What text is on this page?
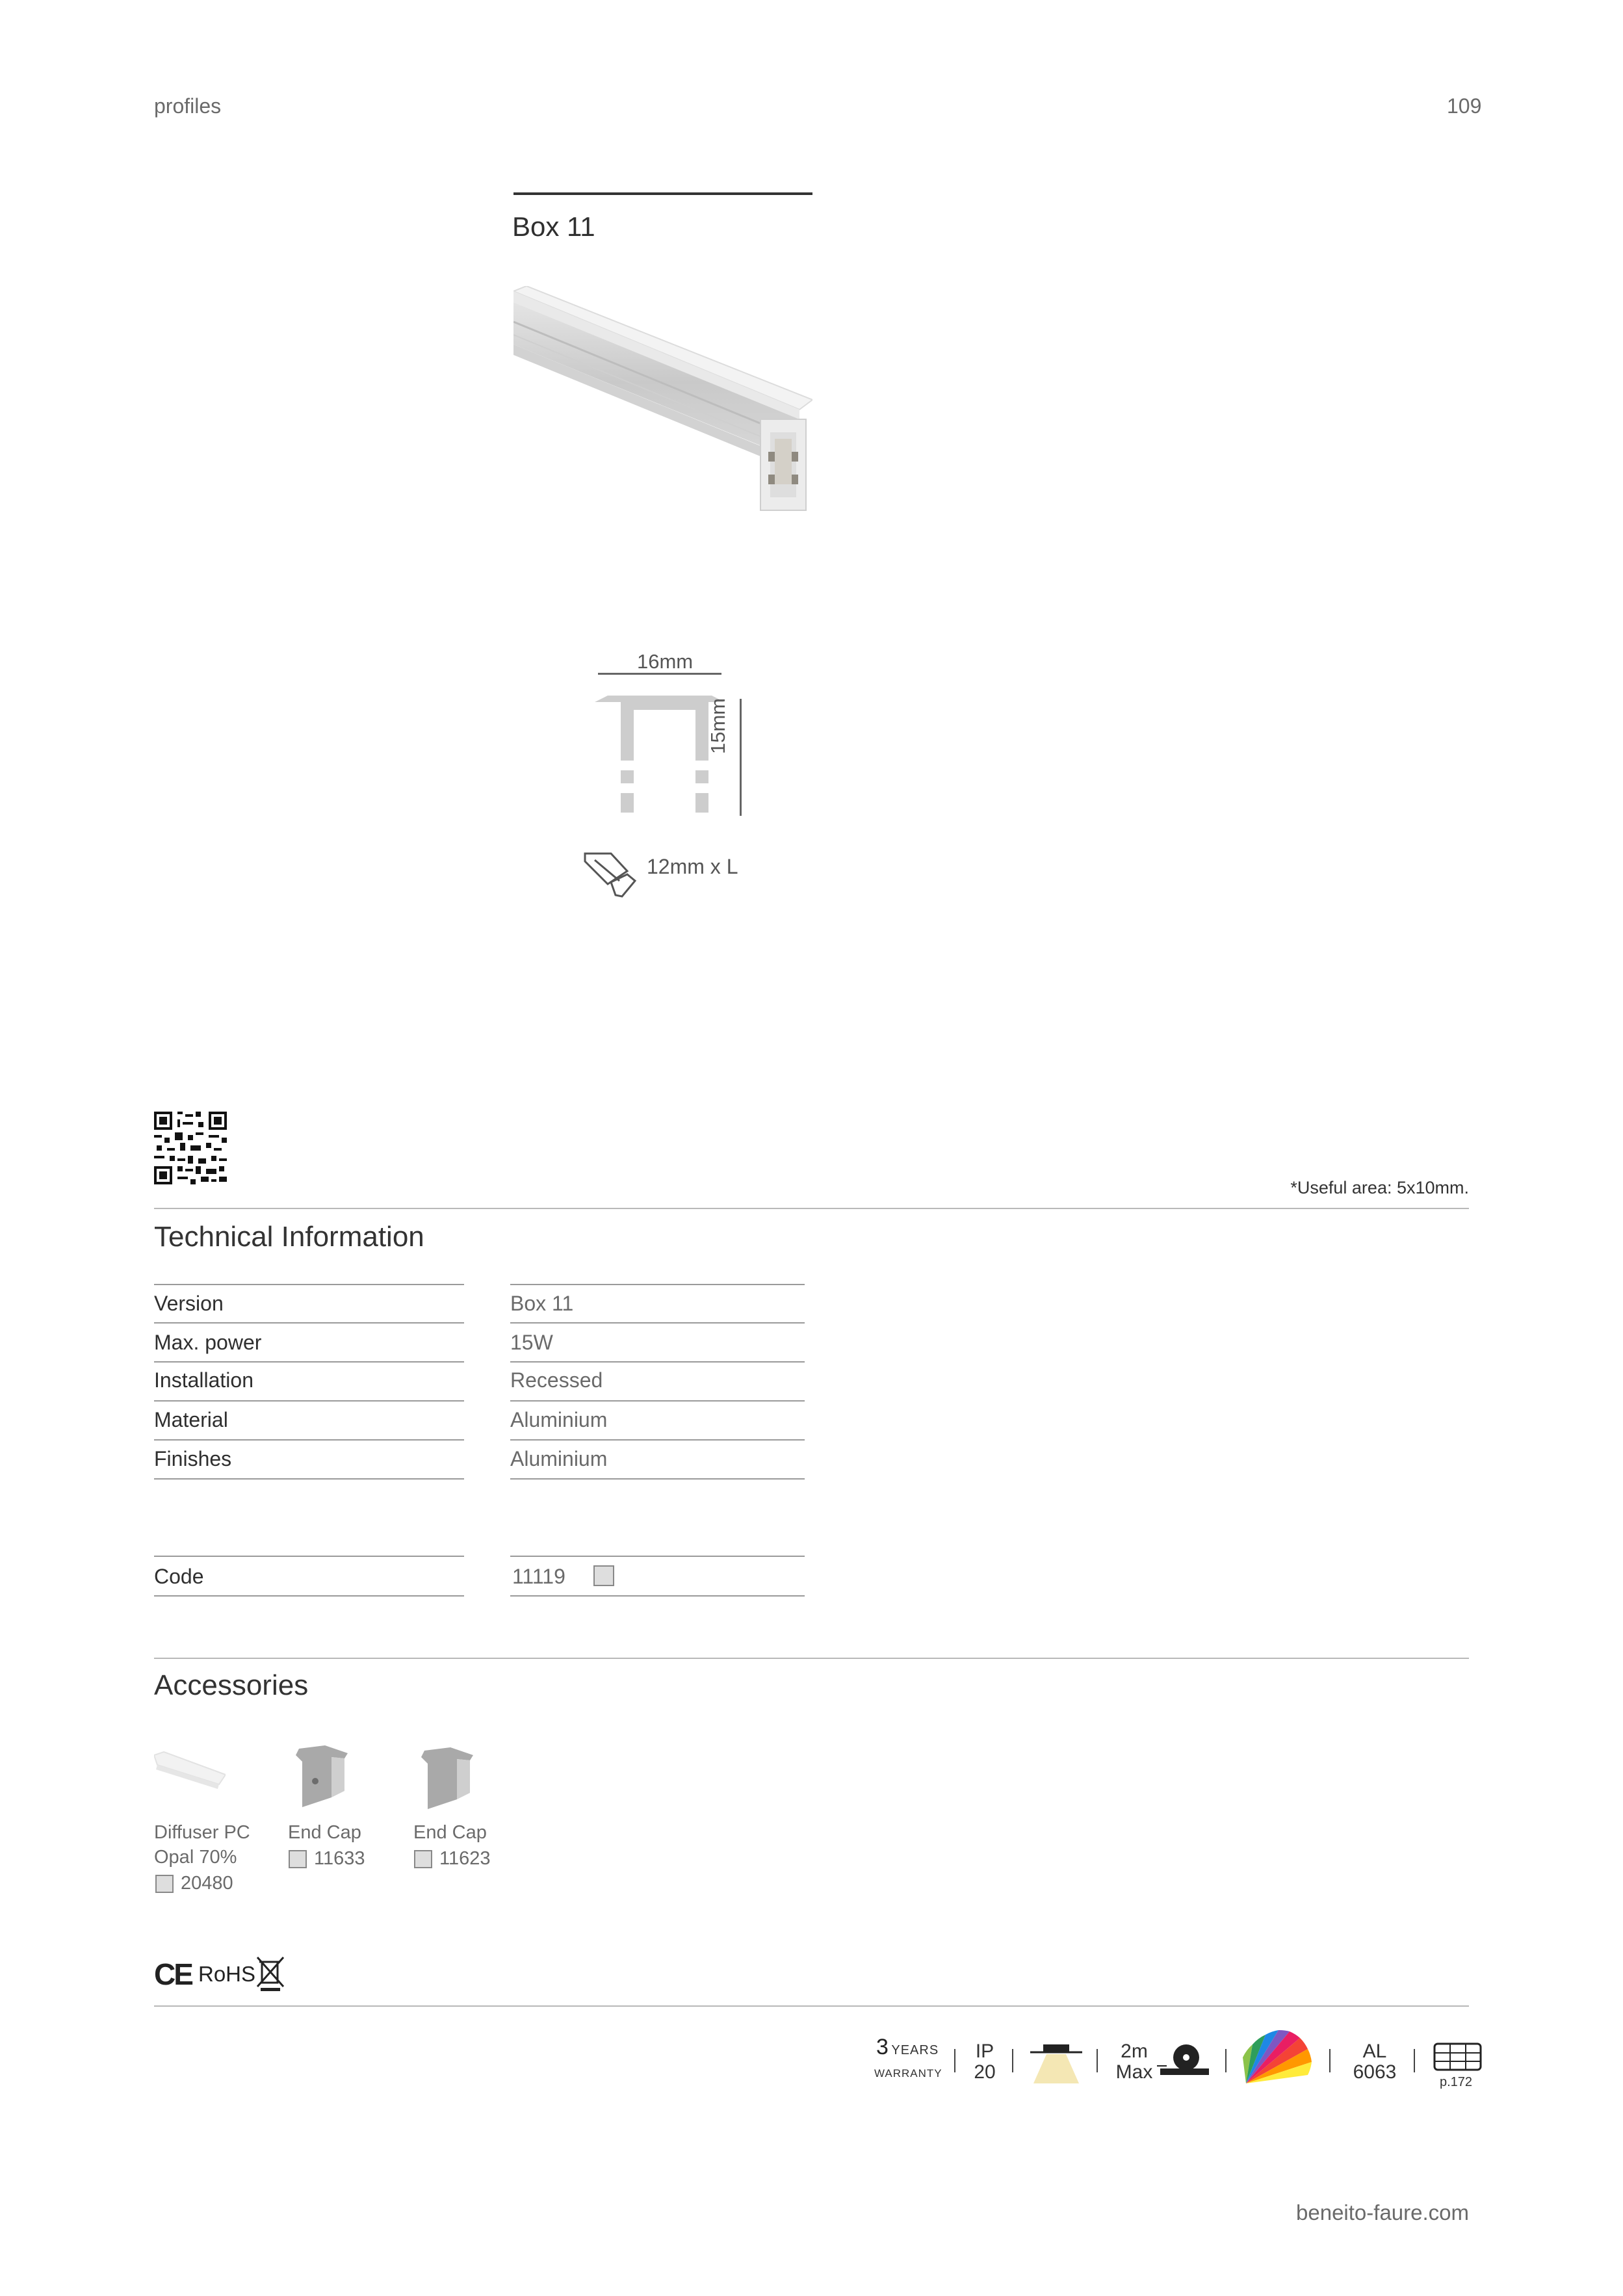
profiles	109
Box 11
16mm
15mm
12mm x L
*Useful area: 5x10mm.
Technical Information
Version	Box 11
Max. power	15W
Installation	Recessed
Material	Aluminium
Finishes	Aluminium
Code	11119
Accessories
Diffuser PC
Opal 70%
20480
End Cap
11633
End Cap
11623
CE RoHS
3 YEARS
WARRANTY
IP
20
2m
Max
AL
6063	p.172
beneito-faure.com
